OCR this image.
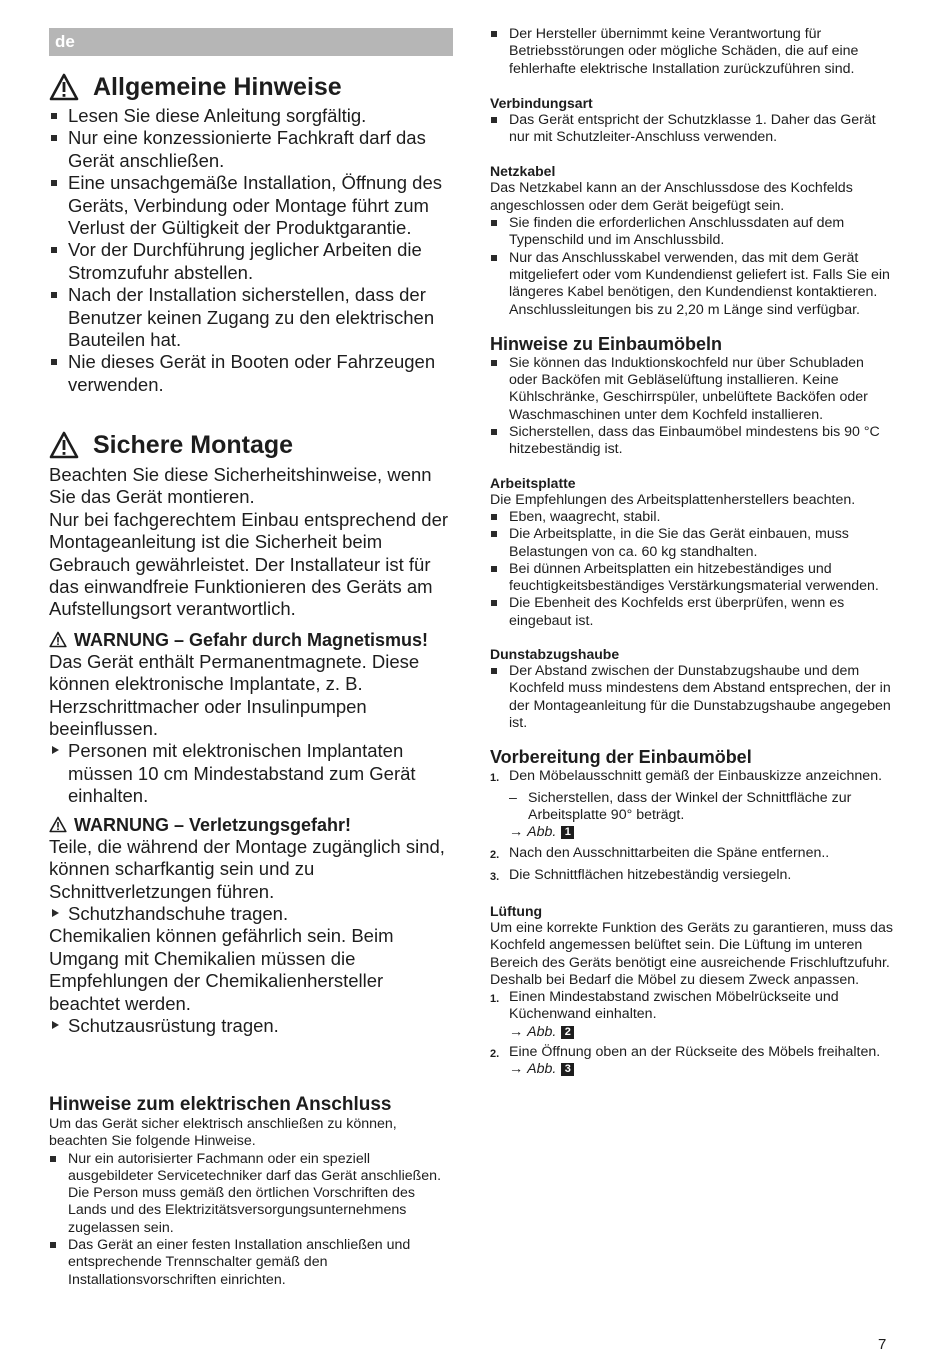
de
Allgemeine Hinweise
Lesen Sie diese Anleitung sorgfältig.
Nur eine konzessionierte Fachkraft darf das Gerät anschließen.
Eine unsachgemäße Installation, Öffnung des Geräts, Verbindung oder Montage führt zum Verlust der Gültigkeit der Produktgarantie.
Vor der Durchführung jeglicher Arbeiten die Stromzufuhr abstellen.
Nach der Installation sicherstellen, dass der Benutzer keinen Zugang zu den elektrischen Bauteilen hat.
Nie dieses Gerät in Booten oder Fahrzeugen verwenden.
Sichere Montage

Beachten Sie diese Sicherheitshinweise, wenn Sie das Gerät montieren.

Nur bei fachgerechtem Einbau entsprechend der Montageanleitung ist die Sicherheit beim Gebrauch gewährleistet. Der Installateur ist für das einwandfreie Funktionieren des Geräts am Aufstellungsort verantwortlich.

WARNUNG – Gefahr durch Magnetismus!

Das Gerät enthält Permanentmagnete. Diese können elektronische Implantate, z. B. Herzschrittmacher oder Insulinpumpen beeinflussen.

Personen mit elektronischen Implantaten müssen 10 cm Mindestabstand zum Gerät einhalten.
WARNUNG – Verletzungsgefahr!

Teile, die während der Montage zugänglich sind, können scharfkantig sein und zu Schnittverletzungen führen.

Schutzhandschuhe tragen.

Chemikalien können gefährlich sein. Beim Umgang mit Chemikalien müssen die Empfehlungen der Chemikalienhersteller beachtet werden.

Schutzausrüstung tragen.
Hinweise zum elektrischen Anschluss

Um das Gerät sicher elektrisch anschließen zu können, beachten Sie folgende Hinweise.

Nur ein autorisierter Fachmann oder ein speziell ausgebildeter Servicetechniker darf das Gerät anschließen. Die Person muss gemäß den örtlichen Vorschriften des Lands und des Elektrizitätsversorgungsunternehmens zugelassen sein.
Das Gerät an einer festen Installation anschließen und entsprechende Trennschalter gemäß den Installationsvorschriften einrichten.
Der Hersteller übernimmt keine Verantwortung für Betriebsstörungen oder mögliche Schäden, die auf eine fehlerhafte elektrische Installation zurückzuführen sind.
Verbindungsart
Das Gerät entspricht der Schutzklasse 1. Daher das Gerät nur mit Schutzleiter-Anschluss verwenden.
Netzkabel

Das Netzkabel kann an der Anschlussdose des Kochfelds angeschlossen oder dem Gerät beigefügt sein.

Sie finden die erforderlichen Anschlussdaten auf dem Typenschild und im Anschlussbild.
Nur das Anschlusskabel verwenden, das mit dem Gerät mitgeliefert oder vom Kundendienst geliefert ist. Falls Sie ein längeres Kabel benötigen, den Kundendienst kontaktieren. Anschlussleitungen bis zu 2,20 m Länge sind verfügbar.
Hinweise zu Einbaumöbeln
Sie können das Induktionskochfeld nur über Schubladen oder Backöfen mit Gebläselüftung installieren. Keine Kühlschränke, Geschirrspüler, unbelüftete Backöfen oder Waschmaschinen unter dem Kochfeld installieren.
Sicherstellen, dass das Einbaumöbel mindestens bis 90 °C hitzebeständig ist.
Arbeitsplatte

Die Empfehlungen des Arbeitsplattenherstellers beachten.

Eben, waagrecht, stabil.
Die Arbeitsplatte, in die Sie das Gerät einbauen, muss Belastungen von ca. 60 kg standhalten.
Bei dünnen Arbeitsplatten ein hitzebeständiges und feuchtigkeitsbeständiges Verstärkungsmaterial verwenden.
Die Ebenheit des Kochfelds erst überprüfen, wenn es eingebaut ist.
Dunstabzugshaube
Der Abstand zwischen der Dunstabzugshaube und dem Kochfeld muss mindestens dem Abstand entsprechen, der in der Montageanleitung für die Dunstabzugshaube angegeben ist.
Vorbereitung der Einbaumöbel
1. Den Möbelausschnitt gemäß der Einbauskizze anzeichnen.

– Sicherstellen, dass der Winkel der Schnittfläche zur Arbeitsplatte 90° beträgt.

→ Abb. 1

2. Nach den Ausschnittarbeiten die Späne entfernen..
3. Die Schnittflächen hitzebeständig versiegeln.
Lüftung

Um eine korrekte Funktion des Geräts zu garantieren, muss das Kochfeld angemessen belüftet sein. Die Lüftung im unteren Bereich des Geräts benötigt eine ausreichende Frischluftzufuhr. Deshalb bei Bedarf die Möbel zu diesem Zweck anpassen.

1. Einen Mindestabstand zwischen Möbelrückseite und Küchenwand einhalten.

→ Abb. 2

2. Eine Öffnung oben an der Rückseite des Möbels freihalten.

→ Abb. 3

7
